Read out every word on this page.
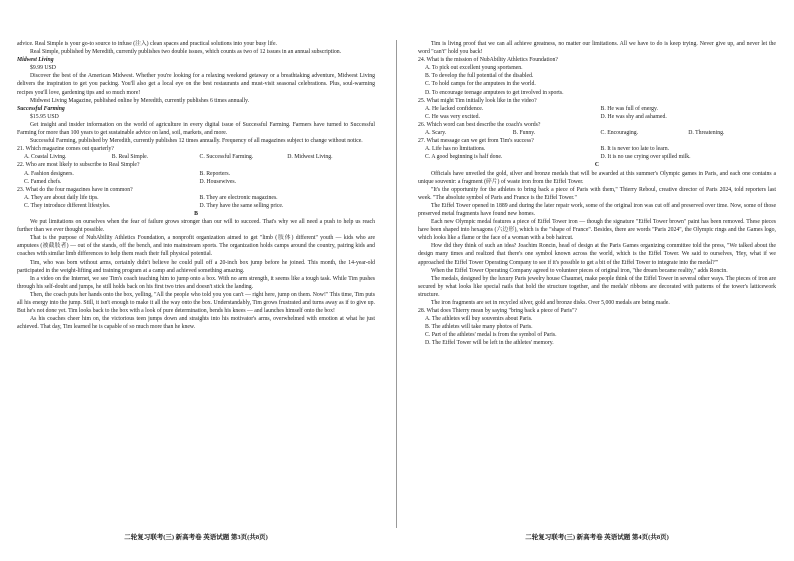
advice. Real Simple is your go-to source to infuse (注入) clean spaces and practical solutions into your busy life.

Real Simple, published by Meredith, currently publishes two double issues, which counts as two of 12 issues in an annual subscription.

Midwest Living

$9.99 USD

Discover the best of the American Midwest. Whether you're looking for a relaxing weekend getaway or a breathtaking adventure, Midwest Living delivers the inspiration to get you packing. You'll also get a local eye on the best restaurants and must-visit seasonal celebrations. Plus, soul-warming recipes you'll love, gardening tips and so much more!

Midwest Living Magazine, published online by Meredith, currently publishes 6 times annually.

Successful Farming

$15.95 USD

Get insight and insider information on the world of agriculture in every digital issue of Successful Farming. Farmers have turned to Successful Farming for more than 100 years to get sustainable advice on land, soil, markets, and more.

Successful Farming, published by Meredith, currently publishes 12 times annually. Frequency of all magazines subject to change without notice.

21. Which magazine comes out quarterly?

A. Coastal Living.	B. Real Simple.	C. Successful Farming.	D. Midwest Living.

22. Who are most likely to subscribe to Real Simple?

A. Fashion designers.	B. Reporters.
C. Famed chefs.	D. Housewives.

23. What do the four magazines have in common?

A. They are about daily life tips.	B. They are electronic magazines.
C. They introduce different lifestyles.	D. They have the same selling price.

B

We put limitations on ourselves when the fear of failure grows stronger than our will to succeed. That's why we all need a push to help us reach further than we ever thought possible.

That is the purpose of NubAbility Athletics Foundation, a nonprofit organization aimed to get "limb (肢体) different" youth — kids who are amputees (被截肢者) — out of the stands, off the bench, and into mainstream sports. The organization holds camps around the country, pairing kids and coaches with similar limb differences to help them reach their full physical potential.

Tim, who was born without arms, certainly didn't believe he could pull off a 20-inch box jump before he joined. This month, the 14-year-old participated in the weight-lifting and training program at a camp and achieved something amazing.

In a video on the Internet, we see Tim's coach teaching him to jump onto a box. With no arm strength, it seems like a tough task. While Tim pushes through his self-doubt and jumps, he still holds back on his first two tries and doesn't stick the landing.

Then, the coach puts her hands onto the box, yelling, "All the people who told you you can't — right here, jump on them. Now!" This time, Tim puts all his energy into the jump. Still, it isn't enough to make it all the way onto the box. Understandably, Tim grows frustrated and turns away as if to give up. But he's not done yet. Tim looks back to the box with a look of pure determination, bends his knees — and launches himself onto the box!

As his coaches cheer him on, the victorious teen jumps down and straights into his motivator's arms, overwhelmed with emotion at what he just achieved. That day, Tim learned he is capable of so much more than he knew.

Tim is living proof that we can all achieve greatness, no matter our limitations. All we have to do is keep trying. Never give up, and never let the word "can't" hold you back!

24. What is the mission of NubAbility Athletics Foundation?

A. To pick out excellent young sportsmen.
B. To develop the full potential of the disabled.
C. To hold camps for the amputees in the world.
D. To encourage teenage amputees to get involved in sports.

25. What might Tim initially look like in the video?

A. He lacked confidence.	B. He was full of energy.
C. He was very excited.	D. He was shy and ashamed.

26. Which word can best describe the coach's words?

A. Scary.	B. Funny.	C. Encouraging.	D. Threatening.

27. What message can we get from Tim's success?

A. Life has no limitations.	B. It is never too late to learn.
C. A good beginning is half done.	D. It is no use crying over spilled milk.

C

Officials have unveiled the gold, silver and bronze medals that will be awarded at this summer's Olympic games in Paris, and each one contains a unique souvenir: a fragment (碎片) of waste iron from the Eiffel Tower.

"It's the opportunity for the athletes to bring back a piece of Paris with them," Thierry Reboul, creative director of Paris 2024, told reporters last week. "The absolute symbol of Paris and France is the Eiffel Tower."

The Eiffel Tower opened in 1889 and during the later repair work, some of the original iron was cut off and preserved over time. Now, some of those preserved metal fragments have found new homes.

Each new Olympic medal features a piece of Eiffel Tower iron — though the signature "Eiffel Tower brown" paint has been removed. These pieces have been shaped into hexagons (六边形), which is the "shape of France". Besides, there are words "Paris 2024", the Olympic rings and the Games logo, which looks like a flame or the face of a woman with a bob haircut.

How did they think of such an idea? Joachim Roncin, head of design at the Paris Games organizing committee told the press, "We talked about the design many times and realized that there's one symbol known across the world, which is the Eiffel Tower. We said to ourselves, 'Hey, what if we approached the Eiffel Tower Operating Company to see if it's possible to get a bit of the Eiffel Tower to integrate into the medal?'"

When the Eiffel Tower Operating Company agreed to volunteer pieces of original iron, "the dream became reality," adds Roncin.

The medals, designed by the luxury Paris jewelry house Chaumet, make people think of the Eiffel Tower in several other ways. The pieces of iron are secured by what looks like special nails that hold the structure together, and the medals' ribbons are decorated with patterns of the tower's latticework structure.

The iron fragments are set in recycled silver, gold and bronze disks. Over 5,000 medals are being made.

28. What does Thierry mean by saying "bring back a piece of Paris"?

A. The athletes will buy souvenirs about Paris.
B. The athletes will take many photos of Paris.
C. Part of the athletes' medal is from the symbol of Paris.
D. The Eiffel Tower will be left in the athletes' memory.
二轮复习联考(三) 新高考卷 英语试题 第3页(共8页)	二轮复习联考(三) 新高考卷 英语试题 第4页(共8页)
